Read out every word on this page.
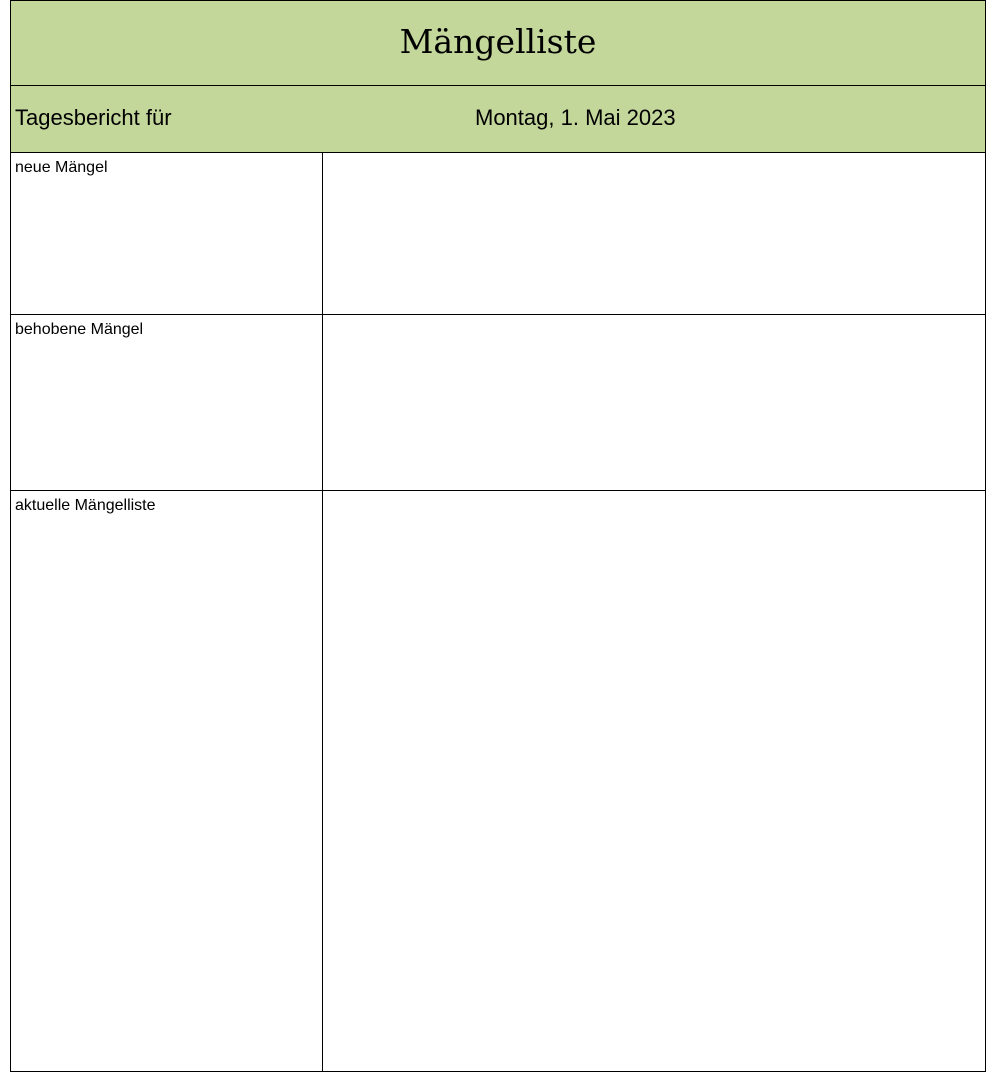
Mängelliste
Tagesbericht für	Montag, 1. Mai 2023
neue Mängel
behobene Mängel
aktuelle Mängelliste
